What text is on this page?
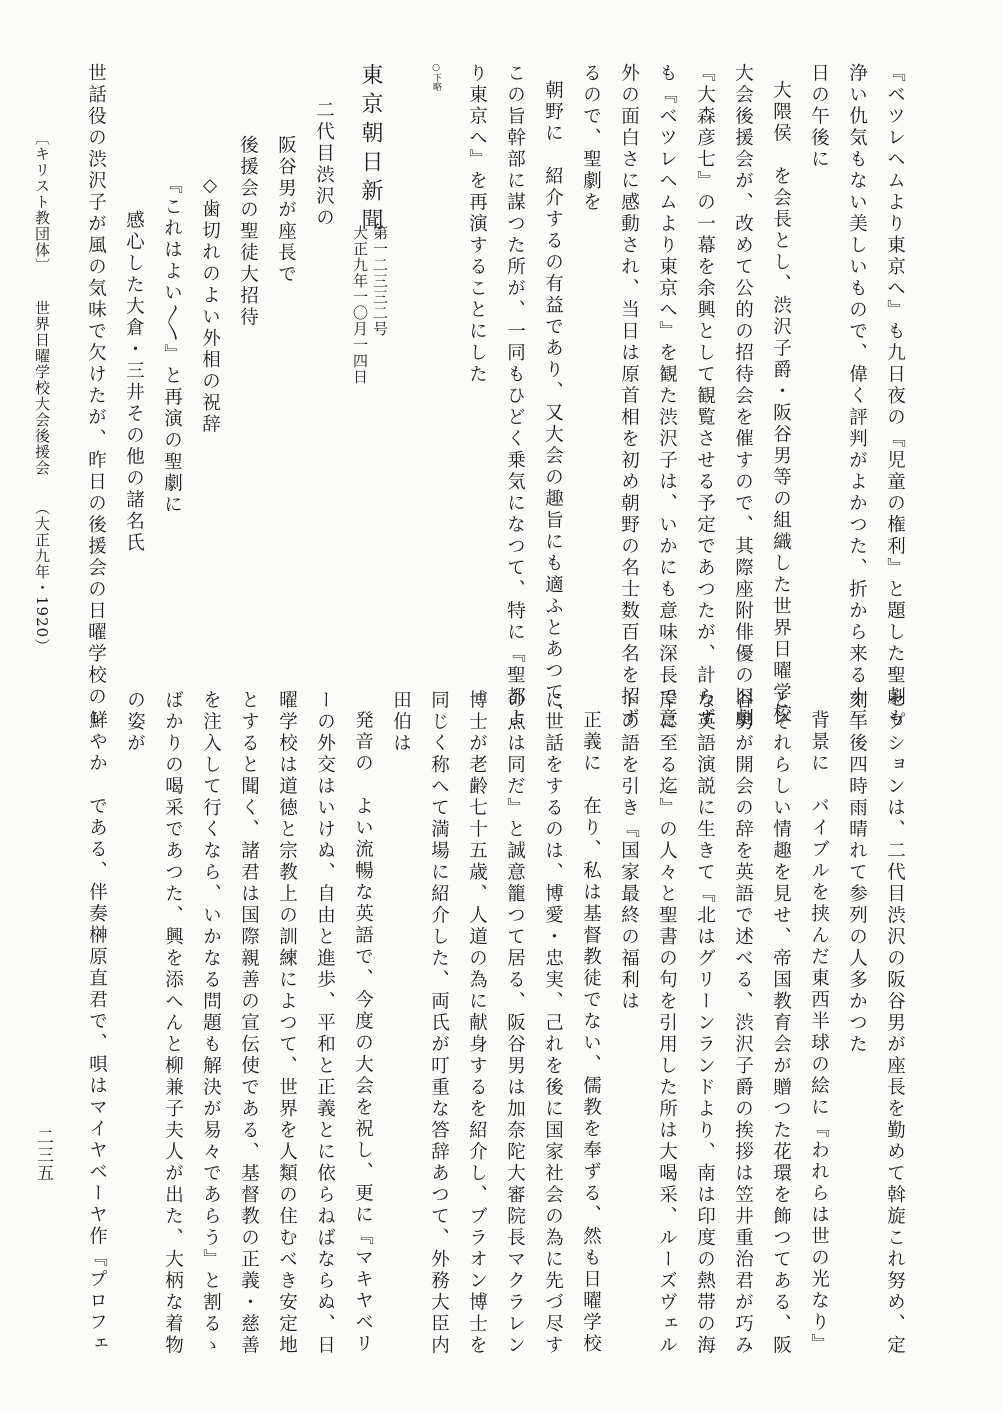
『ベツレヘムより東京へ』も九日夜の『児童の権利』と題した聖劇も
浄い仇気もない美しいもので、偉く評判がよかつた、折から来る十三
日の午後に
大隈侯　を会長とし、渋沢子爵・阪谷男等の組織した世界日曜学校
大会後援会が、改めて公的の招待会を催すので、其際座附俳優の旧劇
『大森彦七』の一幕を余興として観覧させる予定であつたが、計らず
も『ベツレヘムより東京へ』を観た渋沢子は、いかにも意味深長で意
外の面白さに感動され、当日は原首相を初め朝野の名士数百名を招ず
るので、聖劇を
朝野に　紹介するの有益であり、又大会の趣旨にも適ふとあつて、
この旨幹部に謀つた所が、一同もひどく乗気になつて、特に『聖都よ
り東京へ』を再演することにした
○下略
東京朝日新聞
第一二三三二号
大正九年一〇月一四日
二代目渋沢の
阪谷男が座長で
後援会の聖徒大招待
◇歯切れのよい外相の祝辞
『これはよい〳〵』と再演の聖劇に
感心した大倉・三井その他の諸名氏
世話役の渋沢子が風の気味で欠けたが、昨日の後援会の日曜学校のレ
〔キリスト教団体〕
世界日曜学校大会後援会
（大正九年・1920）
セプションは、二代目渋沢の阪谷男が座長を勤めて斡旋これ努め、定
刻午後四時雨晴れて参列の人多かつた
背景に　バイブルを挟んだ東西半球の絵に『われらは世の光なり』
とそれらしい情趣を見せ、帝国教育会が贈つた花環を飾つてある、阪
谷男が開会の辞を英語で述べる、渋沢子爵の挨拶は笠井重治君が巧み
な英語演説に生きて『北はグリーンランドより、南は印度の熱帯の海
岸に至る迄』の人々と聖書の句を引用した所は大喝采、ルーズヴェル
トの語を引き『国家最終の福利は
正義に　在り、私は基督教徒でない、儒教を奉ずる、然も日曜学校
に世話をするのは、博愛・忠実、己れを後に国家社会の為に先づ尽す
の点は同だ』と誠意籠つて居る、阪谷男は加奈陀大審院長マクラレン
博士が老齢七十五歳、人道の為に献身するを紹介し、ブラオン博士を
同じく称へて満場に紹介した、両氏が叮重な答辞あつて、外務大臣内
田伯は
発音の　よい流暢な英語で、今度の大会を祝し、更に『マキヤベリ
ーの外交はいけぬ、自由と進歩、平和と正義とに依らねばならぬ、日
曜学校は道徳と宗教上の訓練によつて、世界を人類の住むべき安定地
とすると聞く、諸君は国際親善の宣伝使である、基督教の正義・慈善
を注入して行くなら、いかなる問題も解決が易々であらう』と割るゝ
ばかりの喝采であつた、興を添へんと柳兼子夫人が出た、大柄な着物
の姿が
鮮やか　である、伴奏榊原直君で、唄はマイヤベーヤ作『プロフェ
二三五
